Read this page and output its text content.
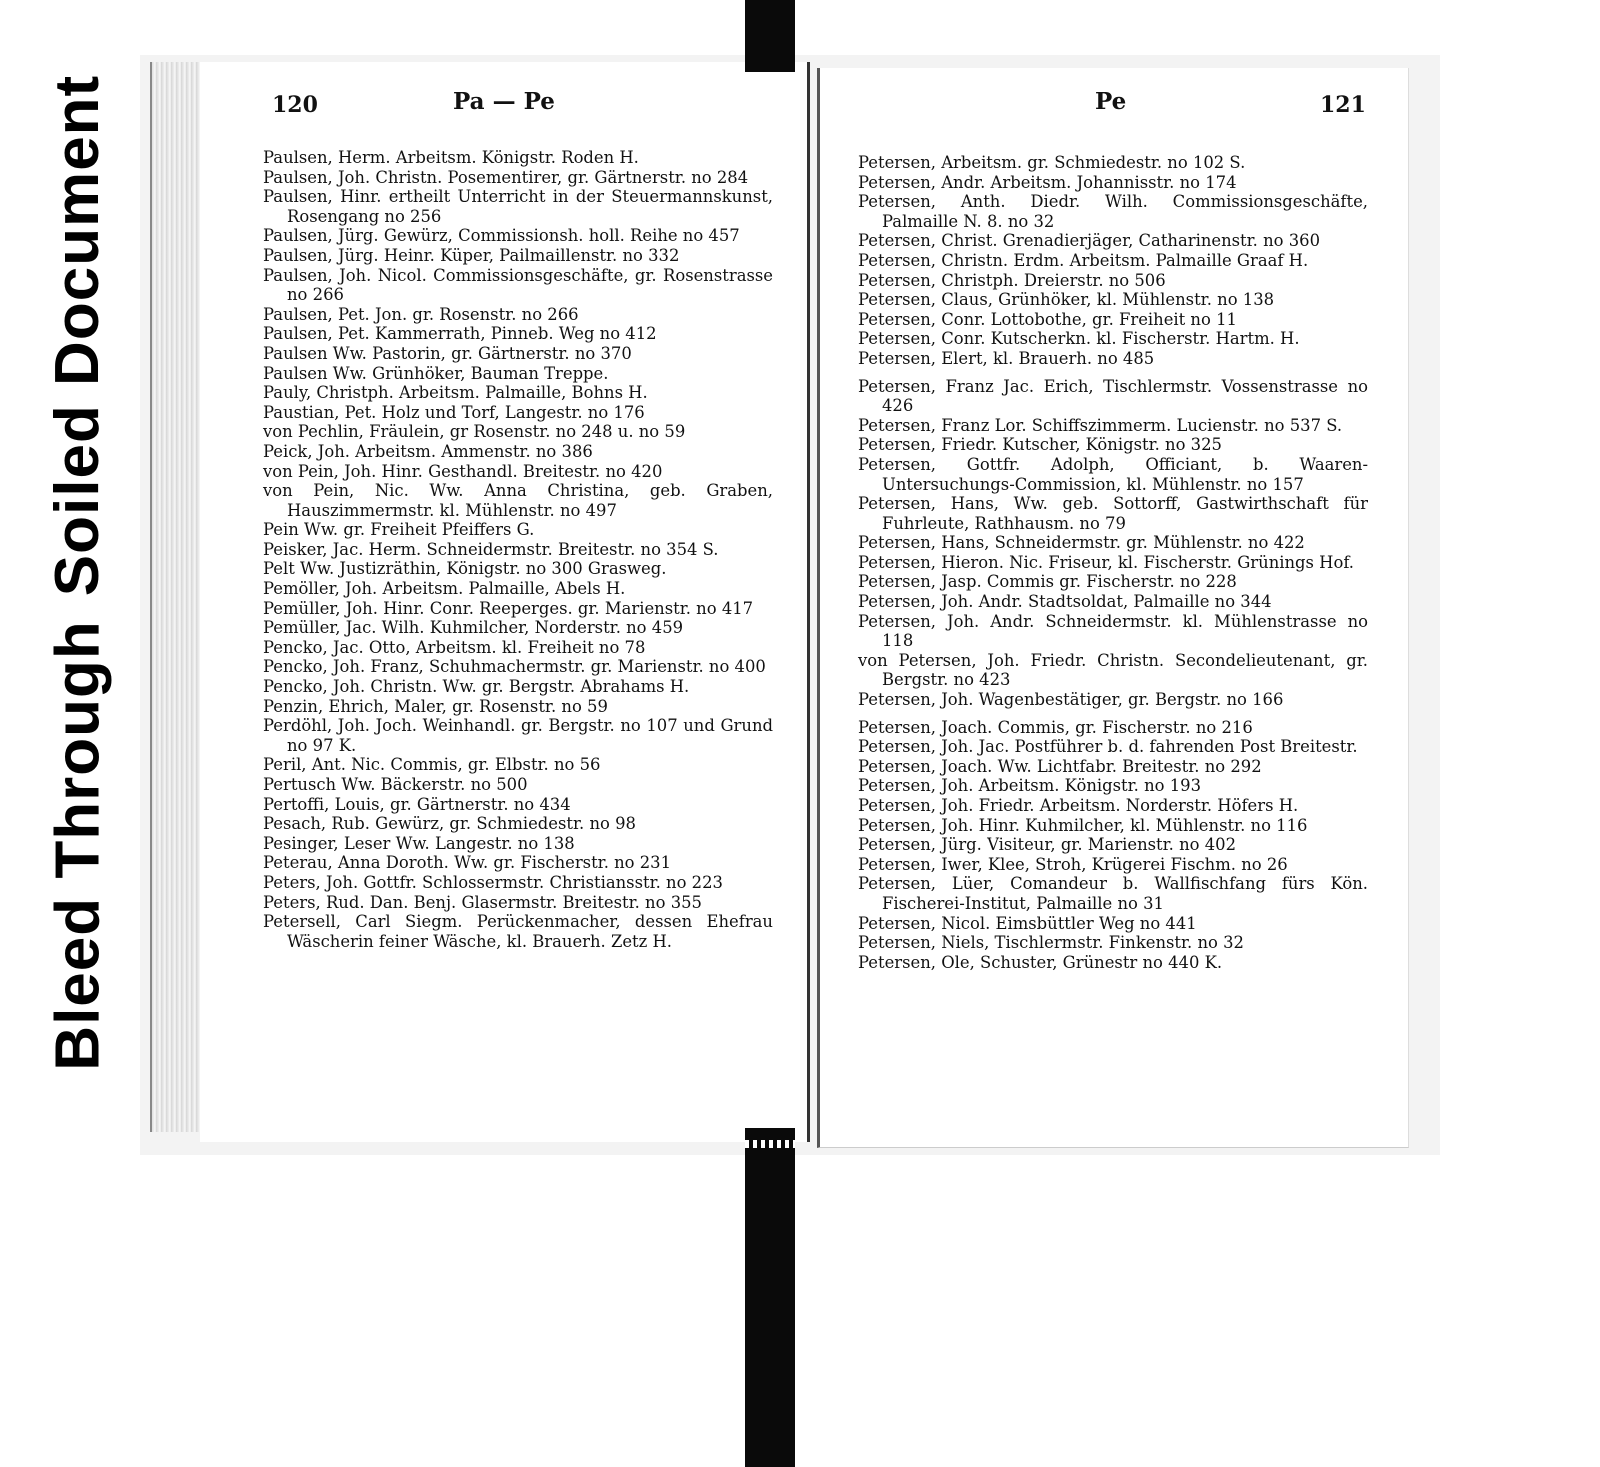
Soiled Document
Bleed Through
120	Pa — Pe	Pe	121
Paulsen, Herm. Arbeitsm. Königstr. Roden H.
Paulsen, Joh. Christn. Posementirer, gr. Gärtnerstr. no 284
Paulsen, Hinr. ertheilt Unterricht in der Steuermannskunst, Rosengang no 256
Paulsen, Jürg. Gewürz, Commissionsh. holl. Reihe no 457
Paulsen, Jürg. Heinr. Küper, Pailmaillenstr. no 332
Paulsen, Joh. Nicol. Commissionsgeschäfte, gr. Rosenstrasse no 266
Paulsen, Pet. Jon. gr. Rosenstr. no 266
Paulsen, Pet. Kammerrath, Pinneb. Weg no 412
Paulsen Ww. Pastorin, gr. Gärtnerstr. no 370
Paulsen Ww. Grünhöker, Bauman Treppe.
Pauly, Christph. Arbeitsm. Palmaille, Bohns H.
Paustian, Pet. Holz und Torf, Langestr. no 176
von Pechlin, Fräulein, gr Rosenstr. no 248 u. no 59
Peick, Joh. Arbeitsm. Ammenstr. no 386
von Pein, Joh. Hinr. Gesthandl. Breitestr. no 420
von Pein, Nic. Ww. Anna Christina, geb. Graben, Hauszimmermstr. kl. Mühlenstr. no 497
Pein Ww. gr. Freiheit Pfeiffers G.
Peisker, Jac. Herm. Schneidermstr. Breitestr. no 354 S.
Pelt Ww. Justizräthin, Königstr. no 300 Grasweg.
Pemöller, Joh. Arbeitsm. Palmaille, Abels H.
Pemüller, Joh. Hinr. Conr. Reeperges. gr. Marienstr. no 417
Pemüller, Jac. Wilh. Kuhmilcher, Norderstr. no 459
Pencko, Jac. Otto, Arbeitsm. kl. Freiheit no 78
Pencko, Joh. Franz, Schuhmachermstr. gr. Marienstr. no 400
Pencko, Joh. Christn. Ww. gr. Bergstr. Abrahams H.
Penzin, Ehrich, Maler, gr. Rosenstr. no 59
Perdöhl, Joh. Joch. Weinhandl. gr. Bergstr. no 107 und Grund no 97 K.
Peril, Ant. Nic. Commis, gr. Elbstr. no 56
Pertusch Ww. Bäckerstr. no 500
Pertoffi, Louis, gr. Gärtnerstr. no 434
Pesach, Rub. Gewürz, gr. Schmiedestr. no 98
Pesinger, Leser Ww. Langestr. no 138
Peterau, Anna Doroth. Ww. gr. Fischerstr. no 231
Peters, Joh. Gottfr. Schlossermstr. Christiansstr. no 223
Peters, Rud. Dan. Benj. Glasermstr. Breitestr. no 355
Petersell, Carl Siegm. Perückenmacher, dessen Ehefrau Wäscherin feiner Wäsche, kl. Brauerh. Zetz H.
Petersen, Arbeitsm. gr. Schmiedestr. no 102 S.
Petersen, Andr. Arbeitsm. Johannisstr. no 174
Petersen, Anth. Diedr. Wilh. Commissionsgeschäfte, Palmaille N. 8. no 32
Petersen, Christ. Grenadierjäger, Catharinenstr. no 360
Petersen, Christn. Erdm. Arbeitsm. Palmaille Graaf H.
Petersen, Christph. Dreierstr. no 506
Petersen, Claus, Grünhöker, kl. Mühlenstr. no 138
Petersen, Conr. Lottobothe, gr. Freiheit no 11
Petersen, Conr. Kutscherkn. kl. Fischerstr. Hartm. H.
Petersen, Elert, kl. Brauerh. no 485
Petersen, Franz Jac. Erich, Tischlermstr. Vossenstrasse no 426
Petersen, Franz Lor. Schiffszimmerm. Lucienstr. no 537 S.
Petersen, Friedr. Kutscher, Königstr. no 325
Petersen, Gottfr. Adolph, Officiant, b. Waaren-Untersuchungs-Commission, kl. Mühlenstr. no 157
Petersen, Hans, Ww. geb. Sottorff, Gastwirthschaft für Fuhrleute, Rathhausm. no 79
Petersen, Hans, Schneidermstr. gr. Mühlenstr. no 422
Petersen, Hieron. Nic. Friseur, kl. Fischerstr. Grünings Hof.
Petersen, Jasp. Commis gr. Fischerstr. no 228
Petersen, Joh. Andr. Stadtsoldat, Palmaille no 344
Petersen, Joh. Andr. Schneidermstr. kl. Mühlenstrasse no 118
von Petersen, Joh. Friedr. Christn. Secondelieutenant, gr. Bergstr. no 423
Petersen, Joh. Wagenbestätiger, gr. Bergstr. no 166
Petersen, Joach. Commis, gr. Fischerstr. no 216
Petersen, Joh. Jac. Postführer b. d. fahrenden Post Breitestr.
Petersen, Joach. Ww. Lichtfabr. Breitestr. no 292
Petersen, Joh. Arbeitsm. Königstr. no 193
Petersen, Joh. Friedr. Arbeitsm. Norderstr. Höfers H.
Petersen, Joh. Hinr. Kuhmilcher, kl. Mühlenstr. no 116
Petersen, Jürg. Visiteur, gr. Marienstr. no 402
Petersen, Iwer, Klee, Stroh, Krügerei Fischm. no 26
Petersen, Lüer, Comandeur b. Wallfischfang fürs Kön. Fischerei-Institut, Palmaille no 31
Petersen, Nicol. Eimsbüttler Weg no 441
Petersen, Niels, Tischlermstr. Finkenstr. no 32
Petersen, Ole, Schuster, Grünestr no 440 K.
